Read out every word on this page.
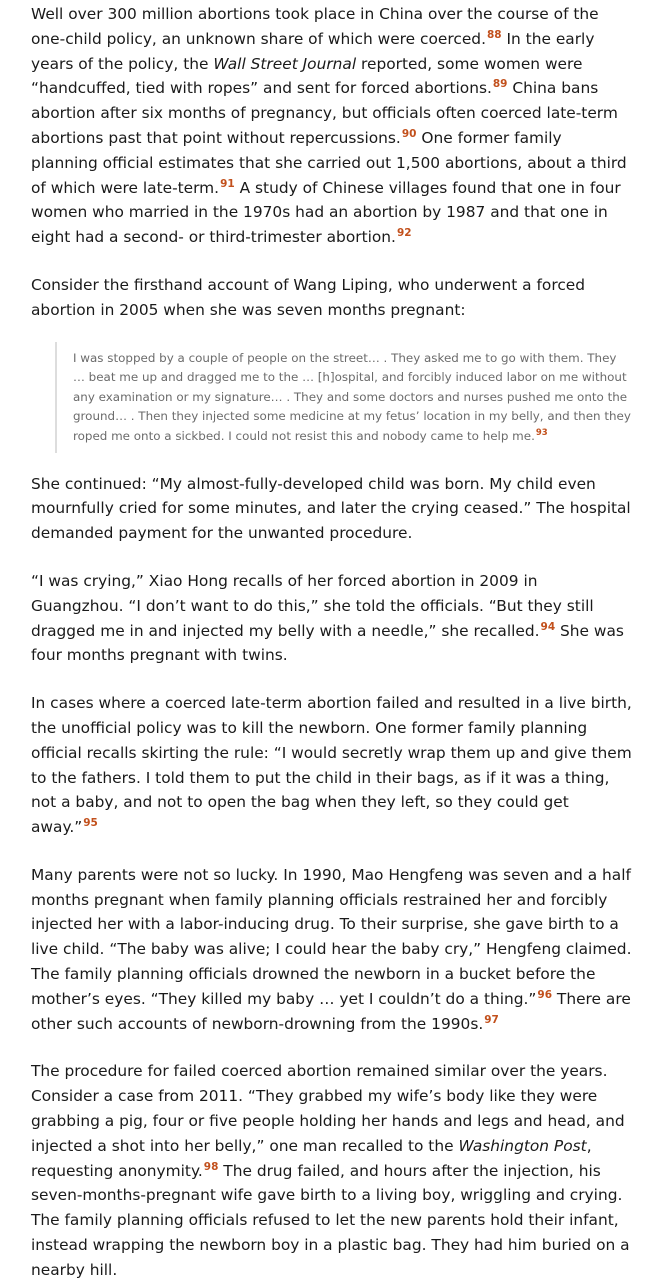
Well over 300 million abortions took place in China over the course of the one-child policy, an unknown share of which were coerced.$^{88}$ In the early years of the policy, the Wall Street Journal reported, some women were “handcuffed, tied with ropes” and sent for forced abortions.$^{89}$ China bans abortion after six months of pregnancy, but officials often coerced late-term abortions past that point without repercussions.$^{90}$ One former family planning official estimates that she carried out 1,500 abortions, about a third of which were late-term.$^{91}$ A study of Chinese villages found that one in four women who married in the 1970s had an abortion by 1987 and that one in eight had a second- or third-trimester abortion.$^{92}$

Consider the firsthand account of Wang Liping, who underwent a forced abortion in 2005 when she was seven months pregnant:

I was stopped by a couple of people on the street… . They asked me to go with them. They … beat me up and dragged me to the … [h]ospital, and forcibly induced labor on me without any examination or my signature… . They and some doctors and nurses pushed me onto the ground… . Then they injected some medicine at my fetus’ location in my belly, and then they roped me onto a sickbed. I could not resist this and nobody came to help me.$^{93}$

She continued: “My almost-fully-developed child was born. My child even mournfully cried for some minutes, and later the crying ceased.” The hospital demanded payment for the unwanted procedure.

“I was crying,” Xiao Hong recalls of her forced abortion in 2009 in Guangzhou. “I don’t want to do this,” she told the officials. “But they still dragged me in and injected my belly with a needle,” she recalled.$^{94}$ She was four months pregnant with twins.

In cases where a coerced late-term abortion failed and resulted in a live birth, the unofficial policy was to kill the newborn. One former family planning official recalls skirting the rule: “I would secretly wrap them up and give them to the fathers. I told them to put the child in their bags, as if it was a thing, not a baby, and not to open the bag when they left, so they could get away.”$^{95}$

Many parents were not so lucky. In 1990, Mao Hengfeng was seven and a half months pregnant when family planning officials restrained her and forcibly injected her with a labor-inducing drug. To their surprise, she gave birth to a live child. “The baby was alive; I could hear the baby cry,” Hengfeng claimed. The family planning officials drowned the newborn in a bucket before the mother’s eyes. “They killed my baby … yet I couldn’t do a thing.”$^{96}$ There are other such accounts of newborn-drowning from the 1990s.$^{97}$

The procedure for failed coerced abortion remained similar over the years. Consider a case from 2011. “They grabbed my wife’s body like they were grabbing a pig, four or five people holding her hands and legs and head, and injected a shot into her belly,” one man recalled to the Washington Post, requesting anonymity.$^{98}$ The drug failed, and hours after the injection, his seven-months-pregnant wife gave birth to a living boy, wriggling and crying. The family planning officials refused to let the new parents hold their infant, instead wrapping the newborn boy in a plastic bag. They had him buried on a nearby hill.
